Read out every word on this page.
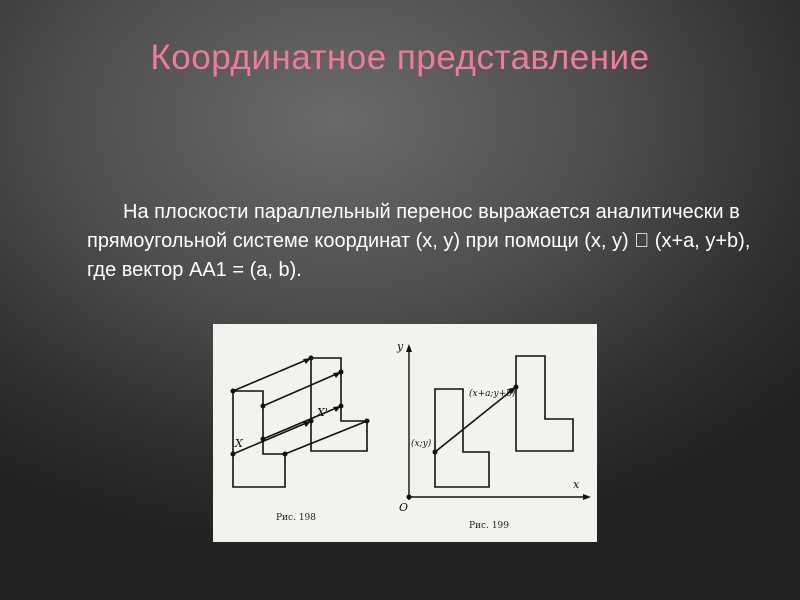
Координатное представление
На плоскости параллельный перенос выражается аналитически в прямоугольной системе координат (x, y) при помощи (x, y) (x+a, y+b), где вектор AA1 = (a, b).
X
X'
Рис. 198
y
x
O
(x;y)
(x+a;y+b)
Рис. 199
